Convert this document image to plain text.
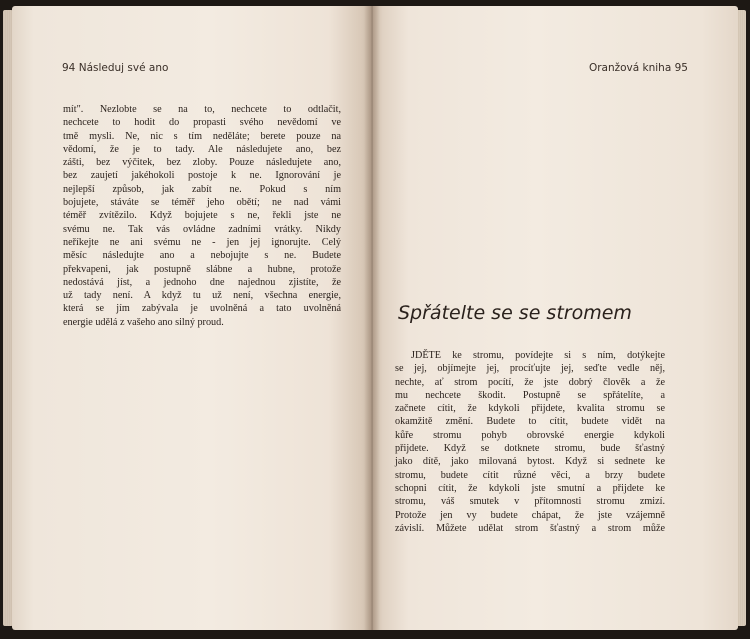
94 Následuj své ano	Oranžová kniha 95
mít". Nezlobte se na to, nechcete to odtlačit,
nechcete to hodit do propasti svého nevědomí ve
tmě mysli. Ne, nic s tím neděláte; berete pouze na
vědomí, že je to tady. Ale následujete ano, bez
zášti, bez výčitek, bez zloby. Pouze následujete ano,
bez zaujetí jakéhokoli postoje k ne. Ignorování je
nejlepší způsob, jak zabít ne. Pokud s ním
bojujete, stáváte se téměř jeho obětí; ne nad vámi
téměř zvítězilo. Když bojujete s ne, řekli jste ne
svému ne. Tak vás ovládne zadními vrátky. Nikdy
neříkejte ne ani svému ne - jen jej ignorujte. Celý
měsíc následujte ano a nebojujte s ne. Budete
překvapeni, jak postupně slábne a hubne, protože
nedostává jíst, a jednoho dne najednou zjistíte, že
už tady není. A když tu už není, všechna energie,
která se jím zabývala je uvolněná a tato uvolněná
energie udělá z vašeho ano silný proud.	Spřátelte se se stromem
JDĚTE ke stromu, povídejte si s ním, dotýkejte
se jej, objímejte jej, procíťujte jej, seďte vedle něj,
nechte, ať strom pocítí, že jste dobrý člověk a že
mu nechcete škodit. Postupně se spřátelíte, a
začnete cítit, že kdykoli přijdete, kvalita stromu se
okamžitě změní. Budete to cítit, budete vidět na
kůře stromu pohyb obrovské energie kdykoli
přijdete. Když se dotknete stromu, bude šťastný
jako dítě, jako milovaná bytost. Když si sednete ke
stromu, budete cítit různé věci, a brzy budete
schopni cítit, že kdykoli jste smutní a přijdete ke
stromu, váš smutek v přítomnosti stromu zmizí.
Protože jen vy budete chápat, že jste vzájemně
závislí. Můžete udělat strom šťastný a strom může
